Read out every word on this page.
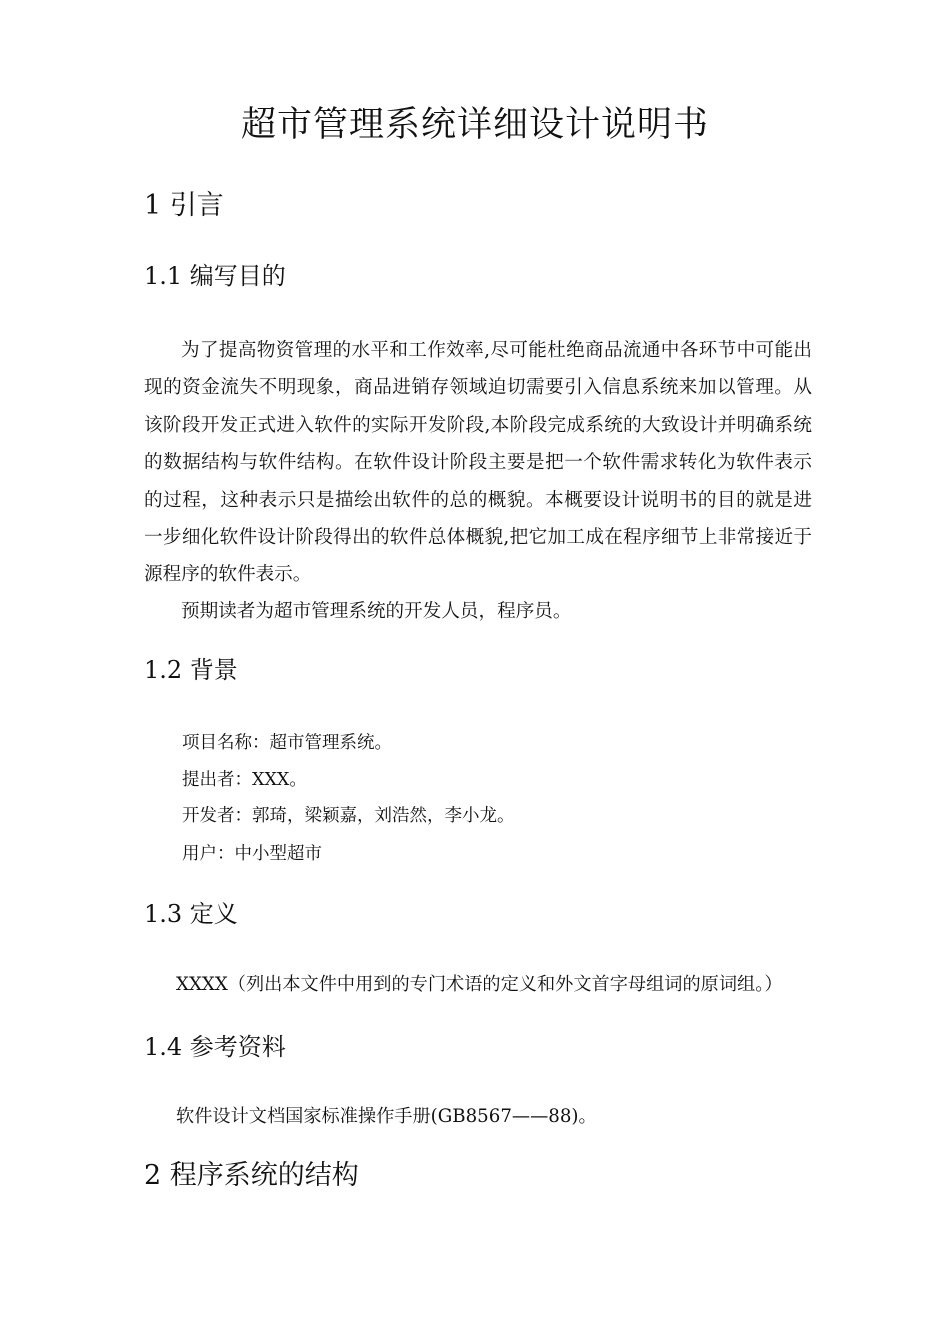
超市管理系统详细设计说明书
1 引言
1.1 编写目的

为了提高物资管理的水平和工作效率,尽可能杜绝商品流通中各环节中可能出现的资金流失不明现象，商品进销存领域迫切需要引入信息系统来加以管理。从该阶段开发正式进入软件的实际开发阶段,本阶段完成系统的大致设计并明确系统的数据结构与软件结构。在软件设计阶段主要是把一个软件需求转化为软件表示的过程，这种表示只是描绘出软件的总的概貌。本概要设计说明书的目的就是进一步细化软件设计阶段得出的软件总体概貌,把它加工成在程序细节上非常接近于源程序的软件表示。

预期读者为超市管理系统的开发人员，程序员。

1.2 背景
项目名称：超市管理系统。
提出者：XXX。
开发者：郭琦，梁颖嘉，刘浩然，李小龙。
用户：中小型超市
1.3 定义
XXXX（列出本文件中用到的专门术语的定义和外文首字母组词的原词组。）
1.4 参考资料
软件设计文档国家标准操作手册(GB8567——88)。
2 程序系统的结构
